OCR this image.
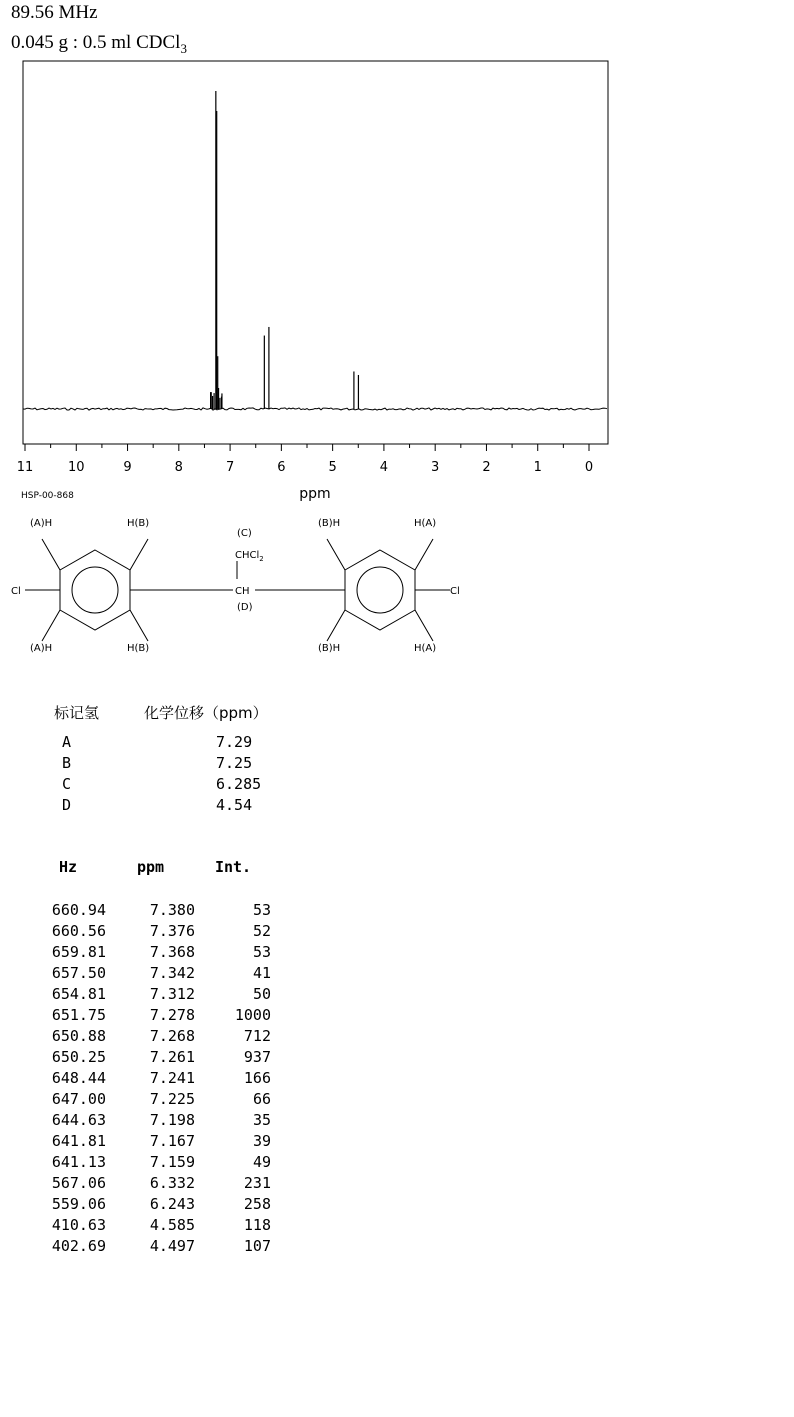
89.56 MHz
0.045 g : 0.5 ml CDCl$_3$
11	10	9	8	7	6	5	4	3	2	1	0
HSP-00-868	ppm
Cl
(A)H	H(B)
(A)H	H(B)
(C)
CHCl$_2$
CH
(D)
(B)H	H(A)
(B)H	H(A)
Cl
标记氢	化学位移（ppm）
A	7.29
B	7.25
C	6.285
D	4.54
Hz	ppm	Int.
660.94	7.380	53
660.56	7.376	52
659.81	7.368	53
657.50	7.342	41
654.81	7.312	50
651.75	7.278	1000
650.88	7.268	712
650.25	7.261	937
648.44	7.241	166
647.00	7.225	66
644.63	7.198	35
641.81	7.167	39
641.13	7.159	49
567.06	6.332	231
559.06	6.243	258
410.63	4.585	118
402.69	4.497	107
